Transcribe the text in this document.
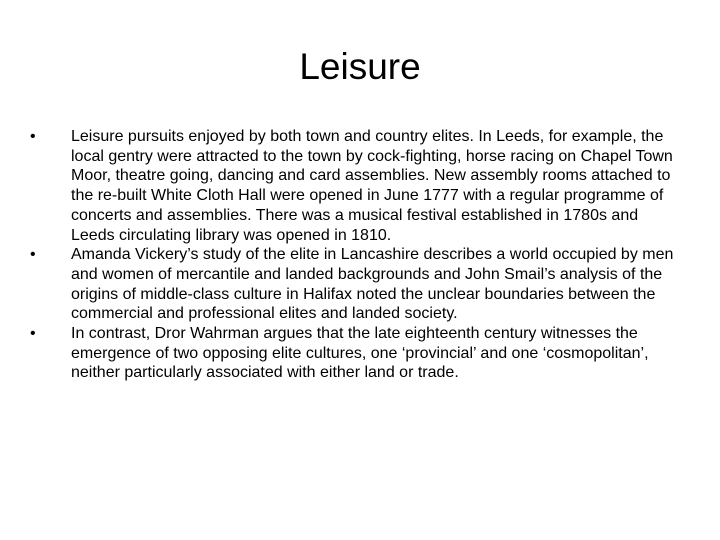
Leisure
•	Leisure pursuits enjoyed by both town and country elites. In Leeds, for example, the local gentry were attracted to the town by cock-fighting, horse racing on Chapel Town Moor, theatre going, dancing and card assemblies. New assembly rooms attached to the re-built White Cloth Hall were opened in June 1777 with a regular programme of concerts and assemblies. There was a musical festival established in 1780s and Leeds circulating library was opened in 1810.
•	Amanda Vickery’s study of the elite in Lancashire describes a world occupied by men and women of mercantile and landed backgrounds and John Smail’s analysis of the origins of middle-class culture in Halifax noted the unclear boundaries between the commercial and professional elites and landed society.
•	In contrast, Dror Wahrman argues that the late eighteenth century witnesses the emergence of two opposing elite cultures, one ‘provincial’ and one ‘cosmopolitan’, neither particularly associated with either land or trade.
